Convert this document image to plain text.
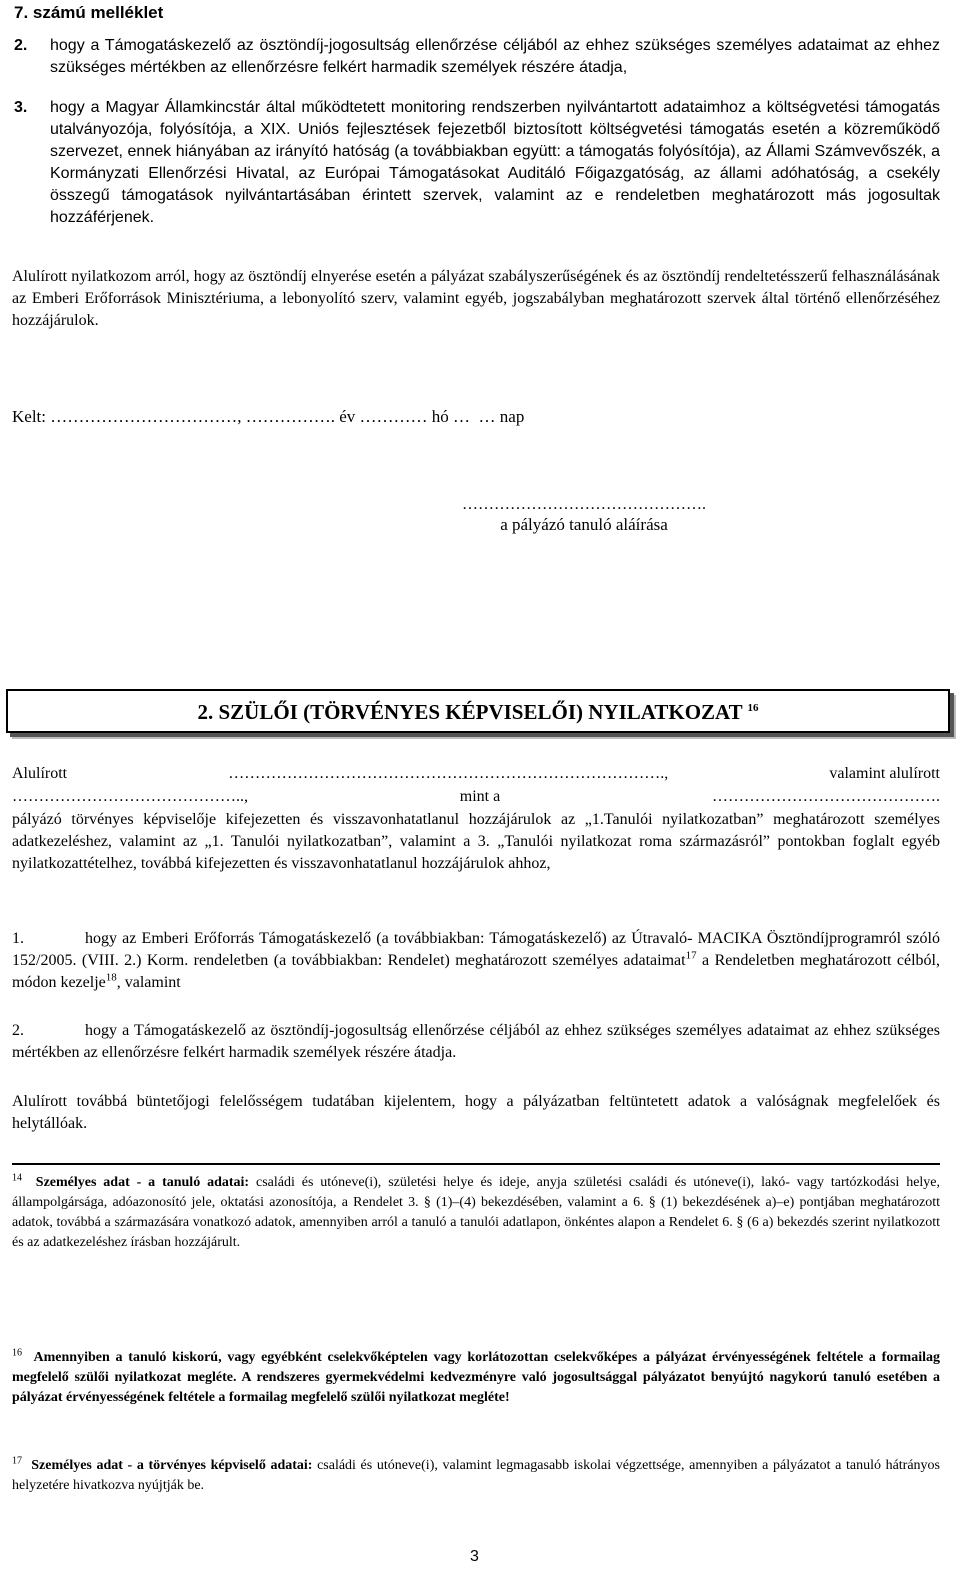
7. számú melléklet
2. hogy a Támogatáskezelő az ösztöndíj-jogosultság ellenőrzése céljából az ehhez szükséges személyes adataimat az ehhez szükséges mértékben az ellenőrzésre felkért harmadik személyek részére átadja,
3. hogy a Magyar Államkincstár által működtetett monitoring rendszerben nyilvántartott adataimhoz a költségvetési támogatás utalványozója, folyósítója, a XIX. Uniós fejlesztések fejezetből biztosított költségvetési támogatás esetén a közreműködő szervezet, ennek hiányában az irányító hatóság (a továbbiakban együtt: a támogatás folyósítója), az Állami Számvevőszék, a Kormányzati Ellenőrzési Hivatal, az Európai Támogatásokat Auditáló Főigazgatóság, az állami adóhatóság, a csekély összegű támogatások nyilvántartásában érintett szervek, valamint az e rendeletben meghatározott más jogosultak hozzáférjenek.
Alulírott nyilatkozom arról, hogy az ösztöndíj elnyerése esetén a pályázat szabályszerűségének és az ösztöndíj rendeltetésszerű felhasználásának az Emberi Erőforrások Minisztériuma, a lebonyolító szerv, valamint egyéb, jogszabályban meghatározott szervek által történő ellenőrzéséhez hozzájárulok.
Kelt: ……………………………, ……………. év ………… hó …  … nap
……………………………………….
a pályázó tanuló aláírása
2. SZÜLŐI (TÖRVÉNYES KÉPVISELŐI) NYILATKOZAT $^{16}$
Alulírott	……………………………………………………………………….,	valamint alulírott
……………………………………..,	mint a	…………………………………….
pályázó törvényes képviselője kifejezetten és visszavonhatatlanul hozzájárulok az „1.Tanulói nyilatkozatban” meghatározott személyes adatkezeléshez, valamint az „1. Tanulói nyilatkozatban”, valamint a 3. „Tanulói nyilatkozat roma származásról” pontokban foglalt egyéb nyilatkozattételhez, továbbá kifejezetten és visszavonhatatlanul hozzájárulok ahhoz,
1.	hogy az Emberi Erőforrás Támogatáskezelő (a továbbiakban: Támogatáskezelő) az Útravaló- MACIKA Ösztöndíjprogramról szóló 152/2005. (VIII. 2.) Korm. rendeletben (a továbbiakban: Rendelet) meghatározott személyes adataimat$^{17}$ a Rendeletben meghatározott célból, módon kezelje$^{18}$, valamint
2.	hogy a Támogatáskezelő az ösztöndíj-jogosultság ellenőrzése céljából az ehhez szükséges személyes adataimat az ehhez szükséges mértékben az ellenőrzésre felkért harmadik személyek részére átadja.
Alulírott továbbá büntetőjogi felelősségem tudatában kijelentem, hogy a pályázatban feltüntetett adatok a valóságnak megfelelőek és helytállóak.
$^{14}$ Személyes adat - a tanuló adatai: családi és utóneve(i), születési helye és ideje, anyja születési családi és utóneve(i), lakó- vagy tartózkodási helye, állampolgársága, adóazonosító jele, oktatási azonosítója, a Rendelet 3. § (1)–(4) bekezdésében, valamint a 6. § (1) bekezdésének a)–e) pontjában meghatározott adatok, továbbá a származására vonatkozó adatok, amennyiben arról a tanuló a tanulói adatlapon, önkéntes alapon a Rendelet 6. § (6 a) bekezdés szerint nyilatkozott és az adatkezeléshez írásban hozzájárult.
$^{16}$ Amennyiben a tanuló kiskorú, vagy egyébként cselekvőképtelen vagy korlátozottan cselekvőképes a pályázat érvényességének feltétele a formailag megfelelő szülői nyilatkozat megléte. A rendszeres gyermekvédelmi kedvezményre való jogosultsággal pályázatot benyújtó nagykorú tanuló esetében a pályázat érvényességének feltétele a formailag megfelelő szülői nyilatkozat megléte!
$^{17}$ Személyes adat - a törvényes képviselő adatai: családi és utóneve(i), valamint legmagasabb iskolai végzettsége, amennyiben a pályázatot a tanuló hátrányos helyzetére hivatkozva nyújtják be.
3
